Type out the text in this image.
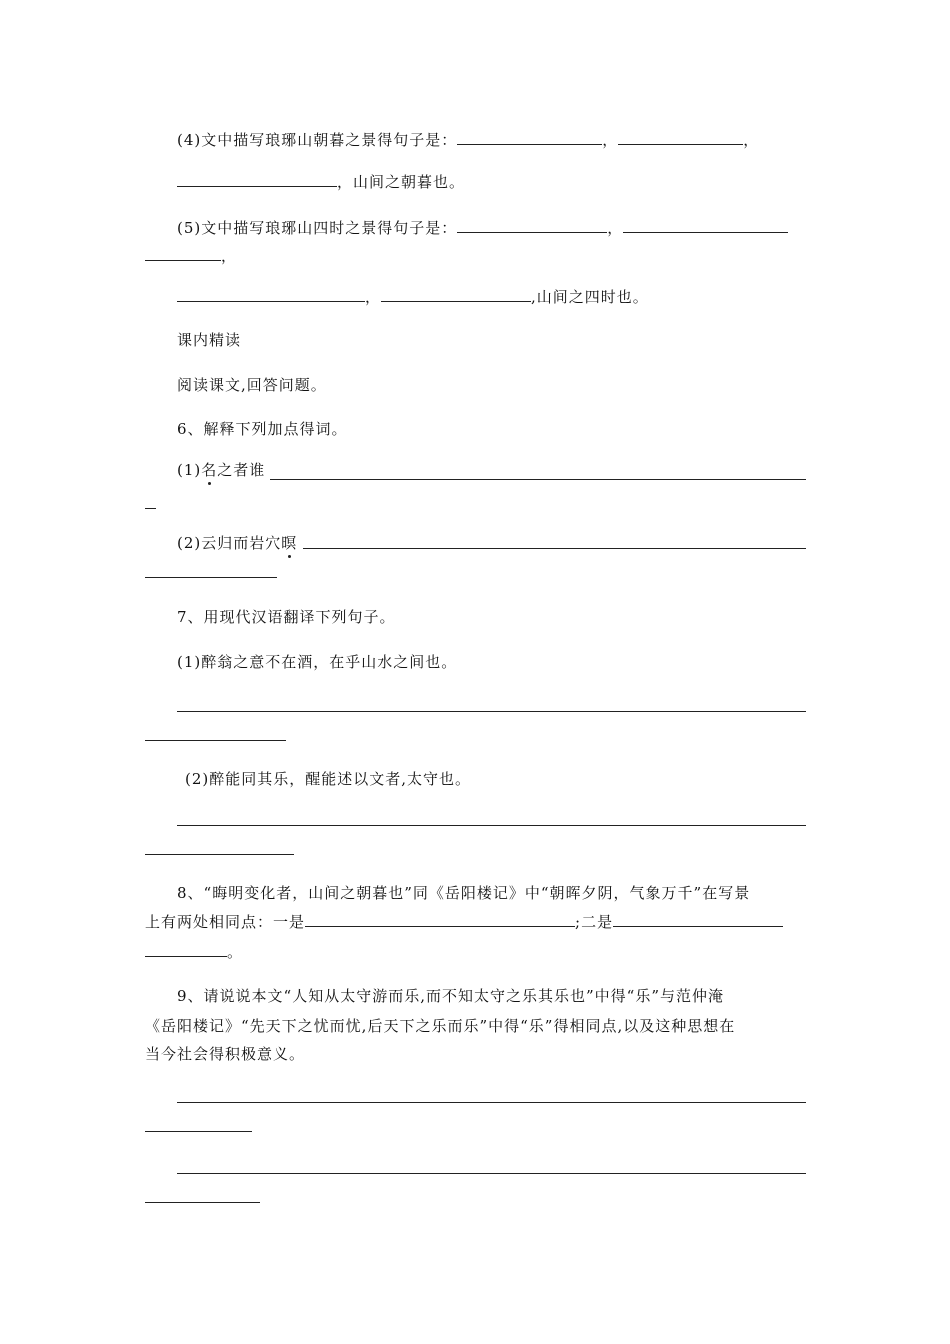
(4)文中描写琅琊山朝暮之景得句子是：	，	，
，山间之朝暮也。
(5)文中描写琅琊山四时之景得句子是：	，
，
，	,山间之四时也。
课内精读
阅读课文,回答问题。
6、解释下列加点得词。
(1)名之者谁
(2)云归而岩穴暝
7、用现代汉语翻译下列句子。
(1)醉翁之意不在酒，在乎山水之间也。
(2)醉能同其乐，醒能述以文者,太守也。
8、“晦明变化者，山间之朝暮也”同《岳阳楼记》中“朝晖夕阴，气象万千”在写景
上有两处相同点：一是	;二是
。
9、请说说本文“人知从太守游而乐,而不知太守之乐其乐也”中得“乐”与范仲淹
《岳阳楼记》“先天下之忧而忧,后天下之乐而乐”中得“乐”得相同点,以及这种思想在
当今社会得积极意义。
